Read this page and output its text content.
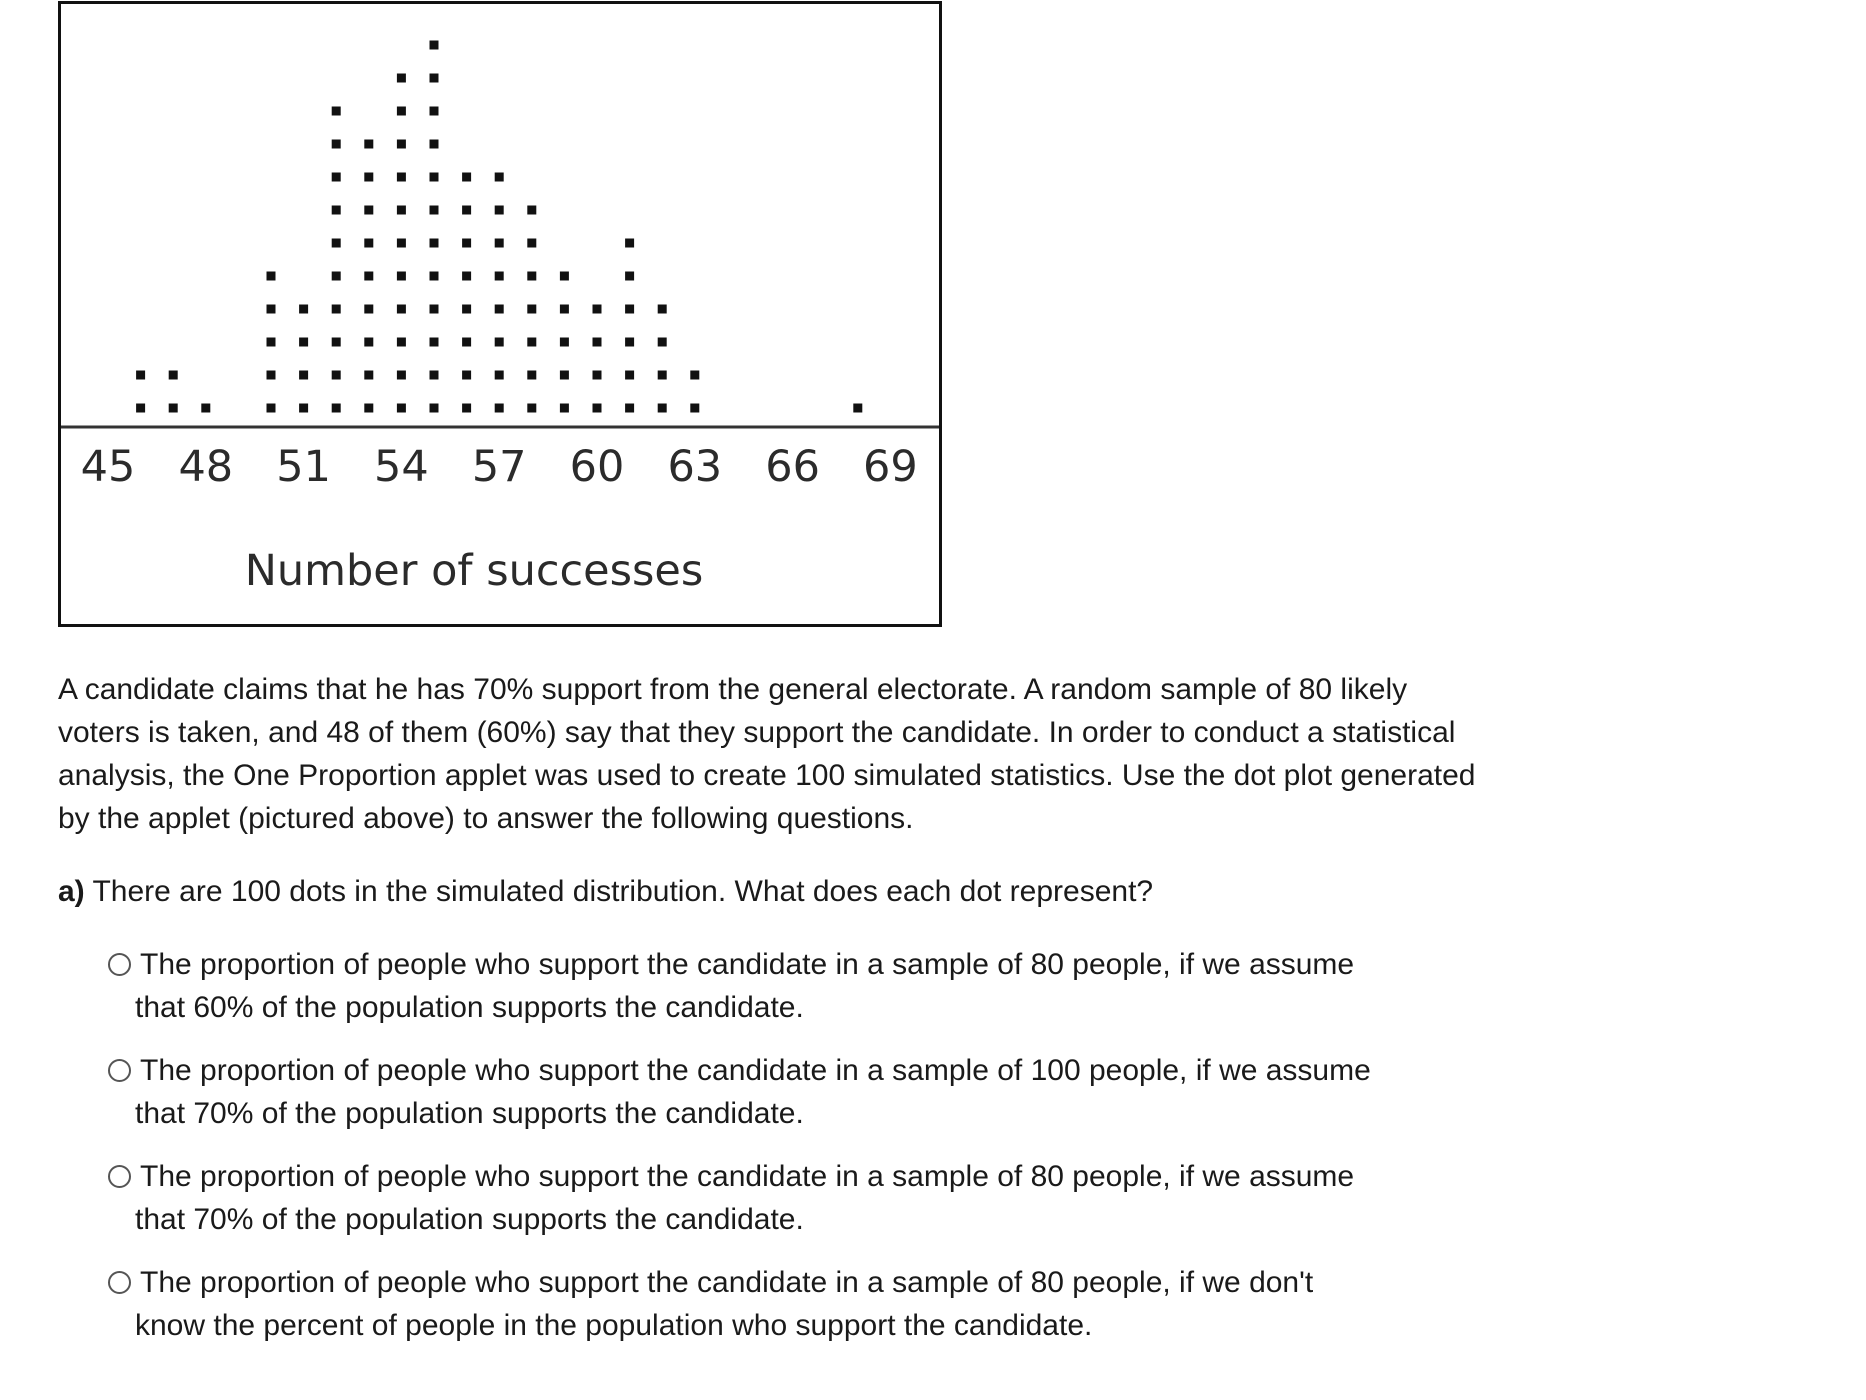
45 48 51 54 57 60 63 66 69
Number of successes

A candidate claims that he has 70% support from the general electorate. A random sample of 80 likely voters is taken, and 48 of them (60%) say that they support the candidate. In order to conduct a statistical analysis, the One Proportion applet was used to create 100 simulated statistics. Use the dot plot generated by the applet (pictured above) to answer the following questions.

a) There are 100 dots in the simulated distribution. What does each dot represent?

The proportion of people who support the candidate in a sample of 80 people, if we assume
that 60% of the population supports the candidate.
The proportion of people who support the candidate in a sample of 100 people, if we assume
that 70% of the population supports the candidate.
The proportion of people who support the candidate in a sample of 80 people, if we assume
that 70% of the population supports the candidate.
The proportion of people who support the candidate in a sample of 80 people, if we don't
know the percent of people in the population who support the candidate.
